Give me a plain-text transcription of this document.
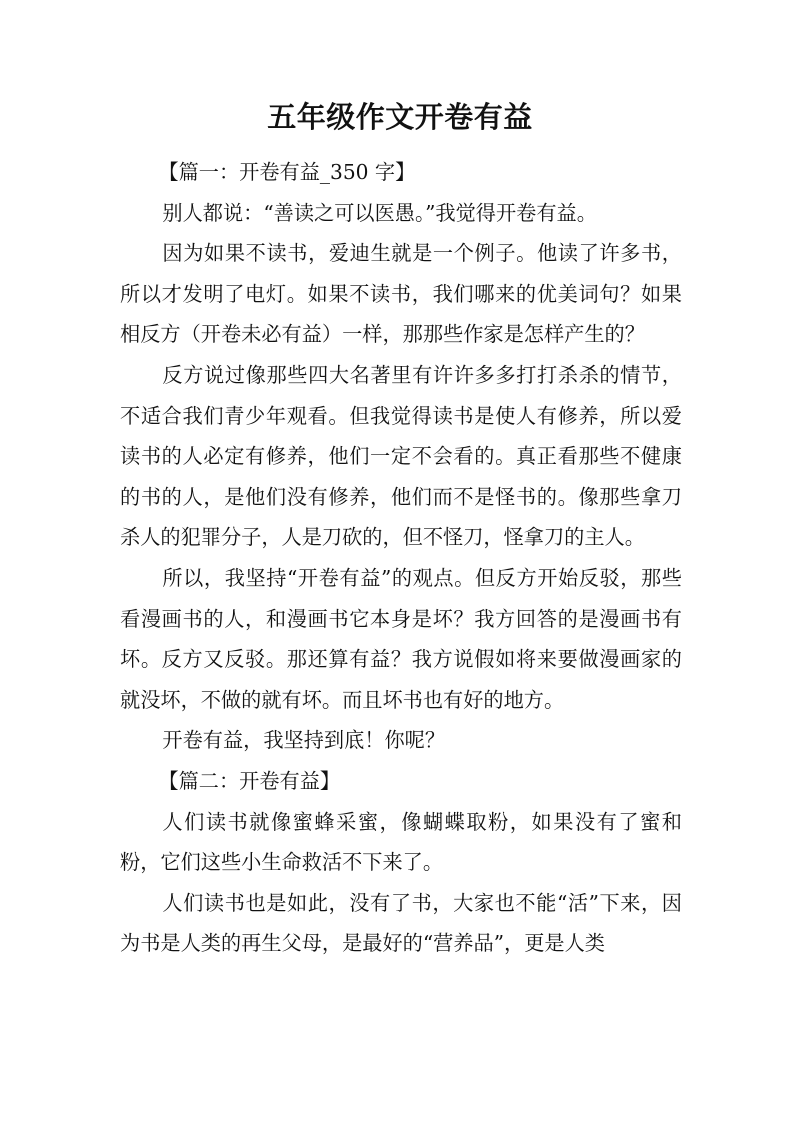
五年级作文开卷有益

【篇一：开卷有益_350 字】

别人都说：“善读之可以医愚。”我觉得开卷有益。

因为如果不读书，爱迪生就是一个例子。他读了许多书，所以才发明了电灯。如果不读书，我们哪来的优美词句？如果相反方（开卷未必有益）一样，那那些作家是怎样产生的？

反方说过像那些四大名著里有许许多多打打杀杀的情节，不适合我们青少年观看。但我觉得读书是使人有修养，所以爱读书的人必定有修养，他们一定不会看的。真正看那些不健康的书的人，是他们没有修养，他们而不是怪书的。像那些拿刀杀人的犯罪分子，人是刀砍的，但不怪刀，怪拿刀的主人。

所以，我坚持“开卷有益”的观点。但反方开始反驳，那些看漫画书的人，和漫画书它本身是坏？我方回答的是漫画书有坏。反方又反驳。那还算有益？我方说假如将来要做漫画家的就没坏，不做的就有坏。而且坏书也有好的地方。

开卷有益，我坚持到底！你呢？

【篇二：开卷有益】

人们读书就像蜜蜂采蜜，像蝴蝶取粉，如果没有了蜜和粉，它们这些小生命救活不下来了。

人们读书也是如此，没有了书，大家也不能“活”下来，因为书是人类的再生父母，是最好的“营养品”，更是人类
